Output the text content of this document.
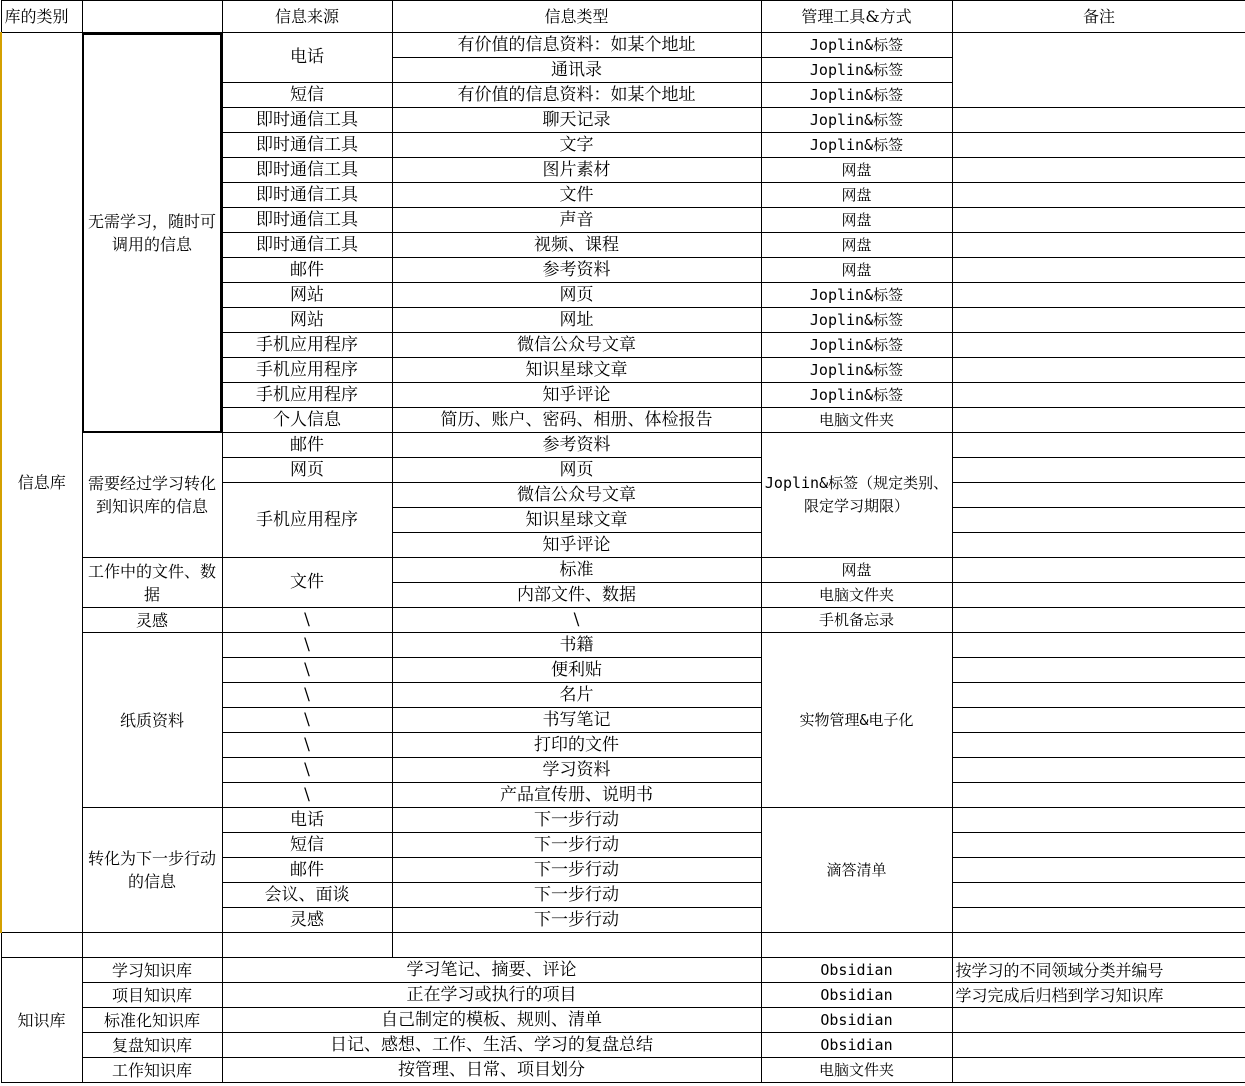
库的类别		信息来源	信息类型	管理工具&方式	备注
信息库	无需学习，随时可调用的信息	电话	有价值的信息资料：如某个地址	Joplin&标签	
			通讯录	Joplin&标签	
		短信	有价值的信息资料：如某个地址	Joplin&标签	
		即时通信工具	聊天记录	Joplin&标签	
		即时通信工具	文字	Joplin&标签	
		即时通信工具	图片素材	网盘	
		即时通信工具	文件	网盘	
		即时通信工具	声音	网盘	
		即时通信工具	视频、课程	网盘	
		邮件	参考资料	网盘	
		网站	网页	Joplin&标签	
		网站	网址	Joplin&标签	
		手机应用程序	微信公众号文章	Joplin&标签	
		手机应用程序	知识星球文章	Joplin&标签	
		手机应用程序	知乎评论	Joplin&标签	
		个人信息	简历、账户、密码、相册、体检报告	电脑文件夹	
	需要经过学习转化到知识库的信息	邮件	参考资料	Joplin&标签（规定类别、限定学习期限）	
		网页	网页		
		手机应用程序	微信公众号文章		
			知识星球文章		
			知乎评论		
	工作中的文件、数据	文件	标准	网盘	
			内部文件、数据	电脑文件夹	
	灵感	\	\	手机备忘录	
	纸质资料	\	书籍	实物管理&电子化	
		\	便利贴		
		\	名片		
		\	书写笔记		
		\	打印的文件		
		\	学习资料		
		\	产品宣传册、说明书		
	转化为下一步行动的信息	电话	下一步行动	滴答清单	
		短信	下一步行动		
		邮件	下一步行动		
		会议、面谈	下一步行动		
		灵感	下一步行动		

知识库	学习知识库	学习笔记、摘要、评论		Obsidian	按学习的不同领域分类并编号
	项目知识库	正在学习或执行的项目		Obsidian	学习完成后归档到学习知识库
	标准化知识库	自己制定的模板、规则、清单		Obsidian	
	复盘知识库	日记、感想、工作、生活、学习的复盘总结		Obsidian	
	工作知识库	按管理、日常、项目划分		电脑文件夹	
